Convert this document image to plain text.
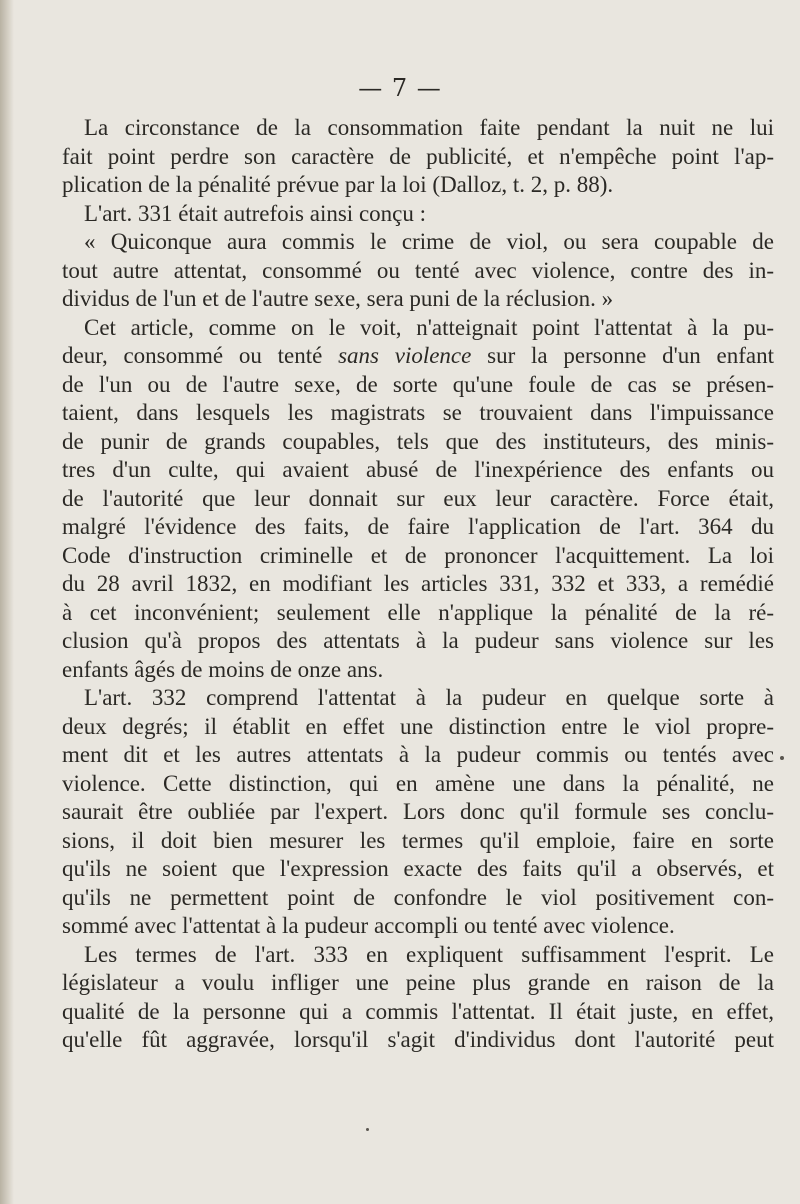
— 7 —
La circonstance de la consommation faite pendant la nuit ne lui
fait point perdre son caractère de publicité, et n'empêche point l'ap-
plication de la pénalité prévue par la loi (Dalloz, t. 2, p. 88).
L'art. 331 était autrefois ainsi conçu :
« Quiconque aura commis le crime de viol, ou sera coupable de
tout autre attentat, consommé ou tenté avec violence, contre des in-
dividus de l'un et de l'autre sexe, sera puni de la réclusion. »
Cet article, comme on le voit, n'atteignait point l'attentat à la pu-
deur, consommé ou tenté sans violence sur la personne d'un enfant
de l'un ou de l'autre sexe, de sorte qu'une foule de cas se présen-
taient, dans lesquels les magistrats se trouvaient dans l'impuissance
de punir de grands coupables, tels que des instituteurs, des minis-
tres d'un culte, qui avaient abusé de l'inexpérience des enfants ou
de l'autorité que leur donnait sur eux leur caractère. Force était,
malgré l'évidence des faits, de faire l'application de l'art. 364 du
Code d'instruction criminelle et de prononcer l'acquittement. La loi
du 28 avril 1832, en modifiant les articles 331, 332 et 333, a remédié
à cet inconvénient; seulement elle n'applique la pénalité de la ré-
clusion qu'à propos des attentats à la pudeur sans violence sur les
enfants âgés de moins de onze ans.
L'art. 332 comprend l'attentat à la pudeur en quelque sorte à
deux degrés; il établit en effet une distinction entre le viol propre-
ment dit et les autres attentats à la pudeur commis ou tentés avec
violence. Cette distinction, qui en amène une dans la pénalité, ne
saurait être oubliée par l'expert. Lors donc qu'il formule ses conclu-
sions, il doit bien mesurer les termes qu'il emploie, faire en sorte
qu'ils ne soient que l'expression exacte des faits qu'il a observés, et
qu'ils ne permettent point de confondre le viol positivement con-
sommé avec l'attentat à la pudeur accompli ou tenté avec violence.
Les termes de l'art. 333 en expliquent suffisamment l'esprit. Le
législateur a voulu infliger une peine plus grande en raison de la
qualité de la personne qui a commis l'attentat. Il était juste, en effet,
qu'elle fût aggravée, lorsqu'il s'agit d'individus dont l'autorité peut
